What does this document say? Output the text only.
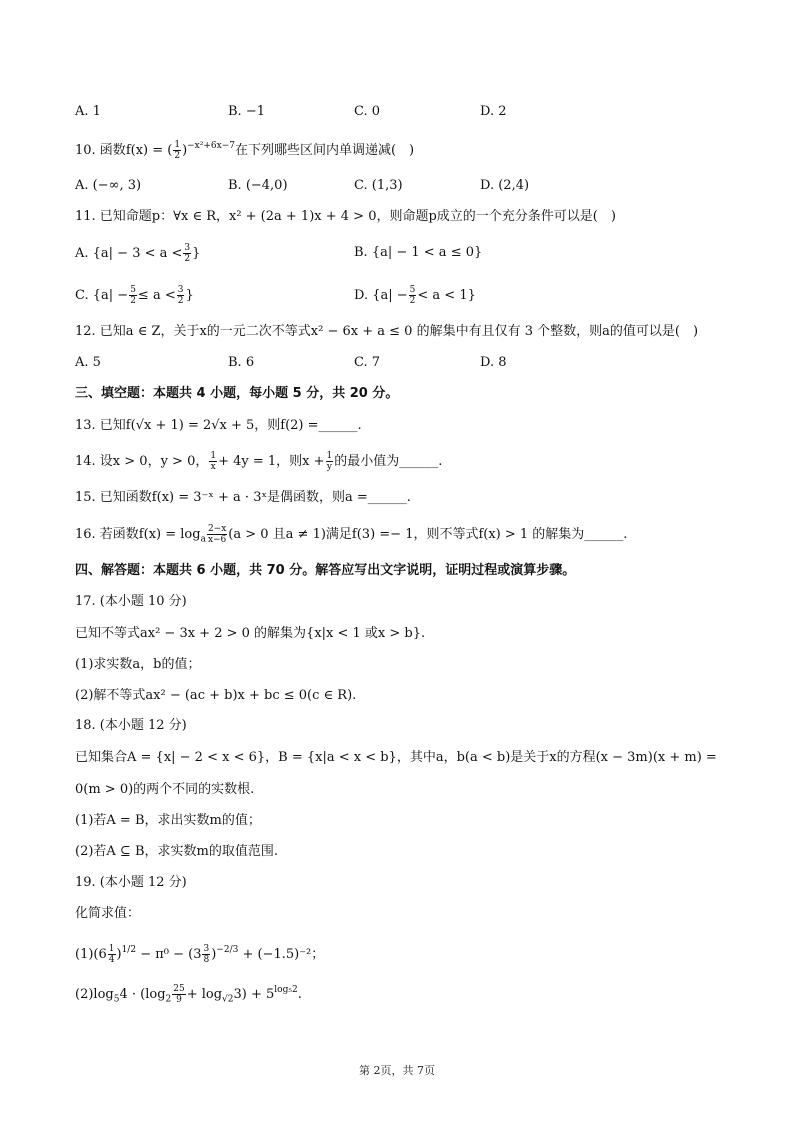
A. 1	B. −1	C. 0	D. 2
10. 函数f(x) = ( $\frac{1}{2} )^{-x^2+6x-7}$在下列哪些区间内单调递减(　)
A. (−∞, 3)	B. (−4,0)	C. (1,3)	D. (2,4)
11. 已知命题p：∀x ∈ R，x² + (2a + 1)x + 4 > 0，则命题p成立的一个充分条件可以是(　)
A. {$a| - 3 < a < \frac{3}{2}$ }	B. {a| − 1 < a ≤ 0}
C. {$a| - \frac{5}{2} \le a < \frac{3}{2}$ }	D. $\{a| - \frac{5}{2} < a < 1\}$
12. 已知a ∈ Z，关于x的一元二次不等式x² − 6x + a ≤ 0 的解集中有且仅有 3 个整数，则a的值可以是(　)
A. 5	B. 6	C. 7	D. 8
三、填空题：本题共 4 小题，每小题 5 分，共 20 分。
13. 已知f(√x + 1) = 2√x + 5，则f(2) =______.
14. 设x > 0，y > 0， $\frac{1}{x} + 4y = 1$，则$x + \frac{1}{y}$ 的最小值为______.
15. 已知函数f(x) = 3⁻ˣ + a · 3ˣ是偶函数，则a =______.
16. 若函数$f(x) = \log_a \frac{2-x}{x-6} (a > 0$ 且a ≠ 1)满足f(3) =− 1，则不等式f(x) > 1 的解集为______.
四、解答题：本题共 6 小题，共 70 分。解答应写出文字说明，证明过程或演算步骤。
17. (本小题 10 分)
已知不等式ax² − 3x + 2 > 0 的解集为{x|x < 1 或x > b}.
(1)求实数a，b的值；
(2)解不等式ax² − (ac + b)x + bc ≤ 0(c ∈ R).
18. (本小题 12 分)
已知集合A = {x| − 2 < x < 6}，B = {x|a < x < b}，其中a，b(a < b)是关于x的方程(x − 3m)(x + m) =
0(m > 0)的两个不同的实数根.
(1)若A = B，求出实数m的值；
(2)若A ⊆ B，求实数m的取值范围.
19. (本小题 12 分)
化简求值：
$(1)(6 \frac{1}{4} )^{1/2} - \pi^0 - (3 \frac{3}{8} )^{-2/3} + (-1.5)^{-2}$；
$(2)\log_54 \cdot (\log_2 \frac{25}{9} + \log_{√2}3) + 5^{log_52}$.
第 2页，共 7页
